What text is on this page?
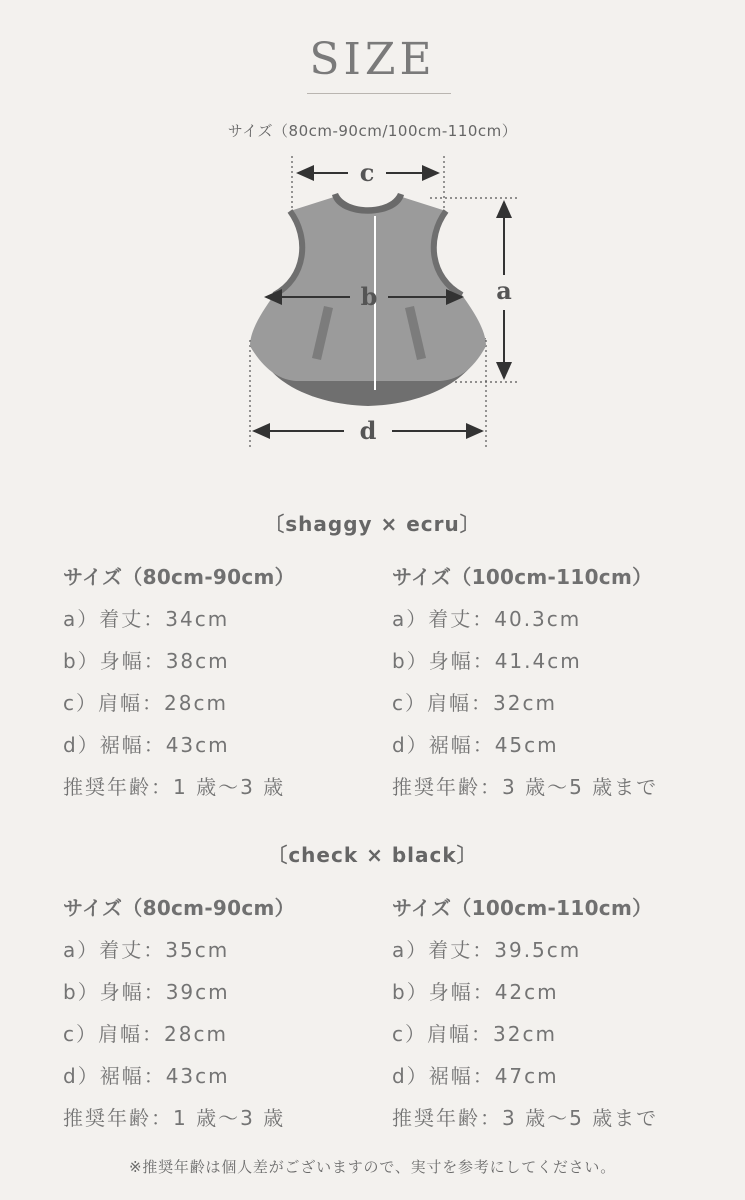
SIZE
サイズ（80cm-90cm/100cm-110cm）
c
b	a
d
〔shaggy × ecru〕
サイズ（80cm-90cm）
a）着丈：34cm
b）身幅：38cm
c）肩幅：28cm
d）裾幅：43cm
推奨年齢：1 歳〜3 歳
サイズ（100cm-110cm）
a）着丈：40.3cm
b）身幅：41.4cm
c）肩幅：32cm
d）裾幅：45cm
推奨年齢：3 歳〜5 歳まで
〔check × black〕
サイズ（80cm-90cm）
a）着丈：35cm
b）身幅：39cm
c）肩幅：28cm
d）裾幅：43cm
推奨年齢：1 歳〜3 歳
サイズ（100cm-110cm）
a）着丈：39.5cm
b）身幅：42cm
c）肩幅：32cm
d）裾幅：47cm
推奨年齢：3 歳〜5 歳まで
※推奨年齢は個人差がございますので、実寸を参考にしてください。
